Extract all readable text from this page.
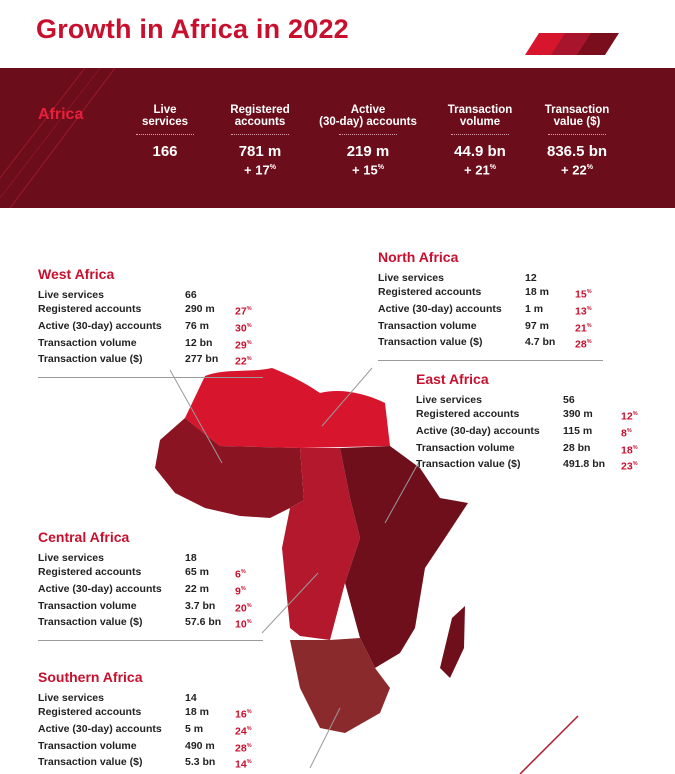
Growth in Africa in 2022
Africa	Live
services
166
Registered
accounts
781 m
+ 17%
Active
(30-day) accounts
219 m
+ 15%
Transaction
volume
44.9 bn
+ 21%
Transaction
value ($)
836.5 bn
+ 22%
West Africa
Live services	66
Registered accounts	290 m	27%
Active (30-day) accounts	76 m	30%
Transaction volume	12 bn	29%
Transaction value ($)	277 bn	22%
North Africa
Live services	12
Registered accounts	18 m	15%
Active (30-day) accounts	1 m	13%
Transaction volume	97 m	21%
Transaction value ($)	4.7 bn	28%
East Africa
Live services	56
Registered accounts	390 m	12%
Active (30-day) accounts	115 m	8%
Transaction volume	28 bn	18%
Transaction value ($)	491.8 bn	23%
Central Africa
Live services	18
Registered accounts	65 m	6%
Active (30-day) accounts	22 m	9%
Transaction volume	3.7 bn	20%
Transaction value ($)	57.6 bn	10%
Southern Africa
Live services	14
Registered accounts	18 m	16%
Active (30-day) accounts	5 m	24%
Transaction volume	490 m	28%
Transaction value ($)	5.3 bn	14%
